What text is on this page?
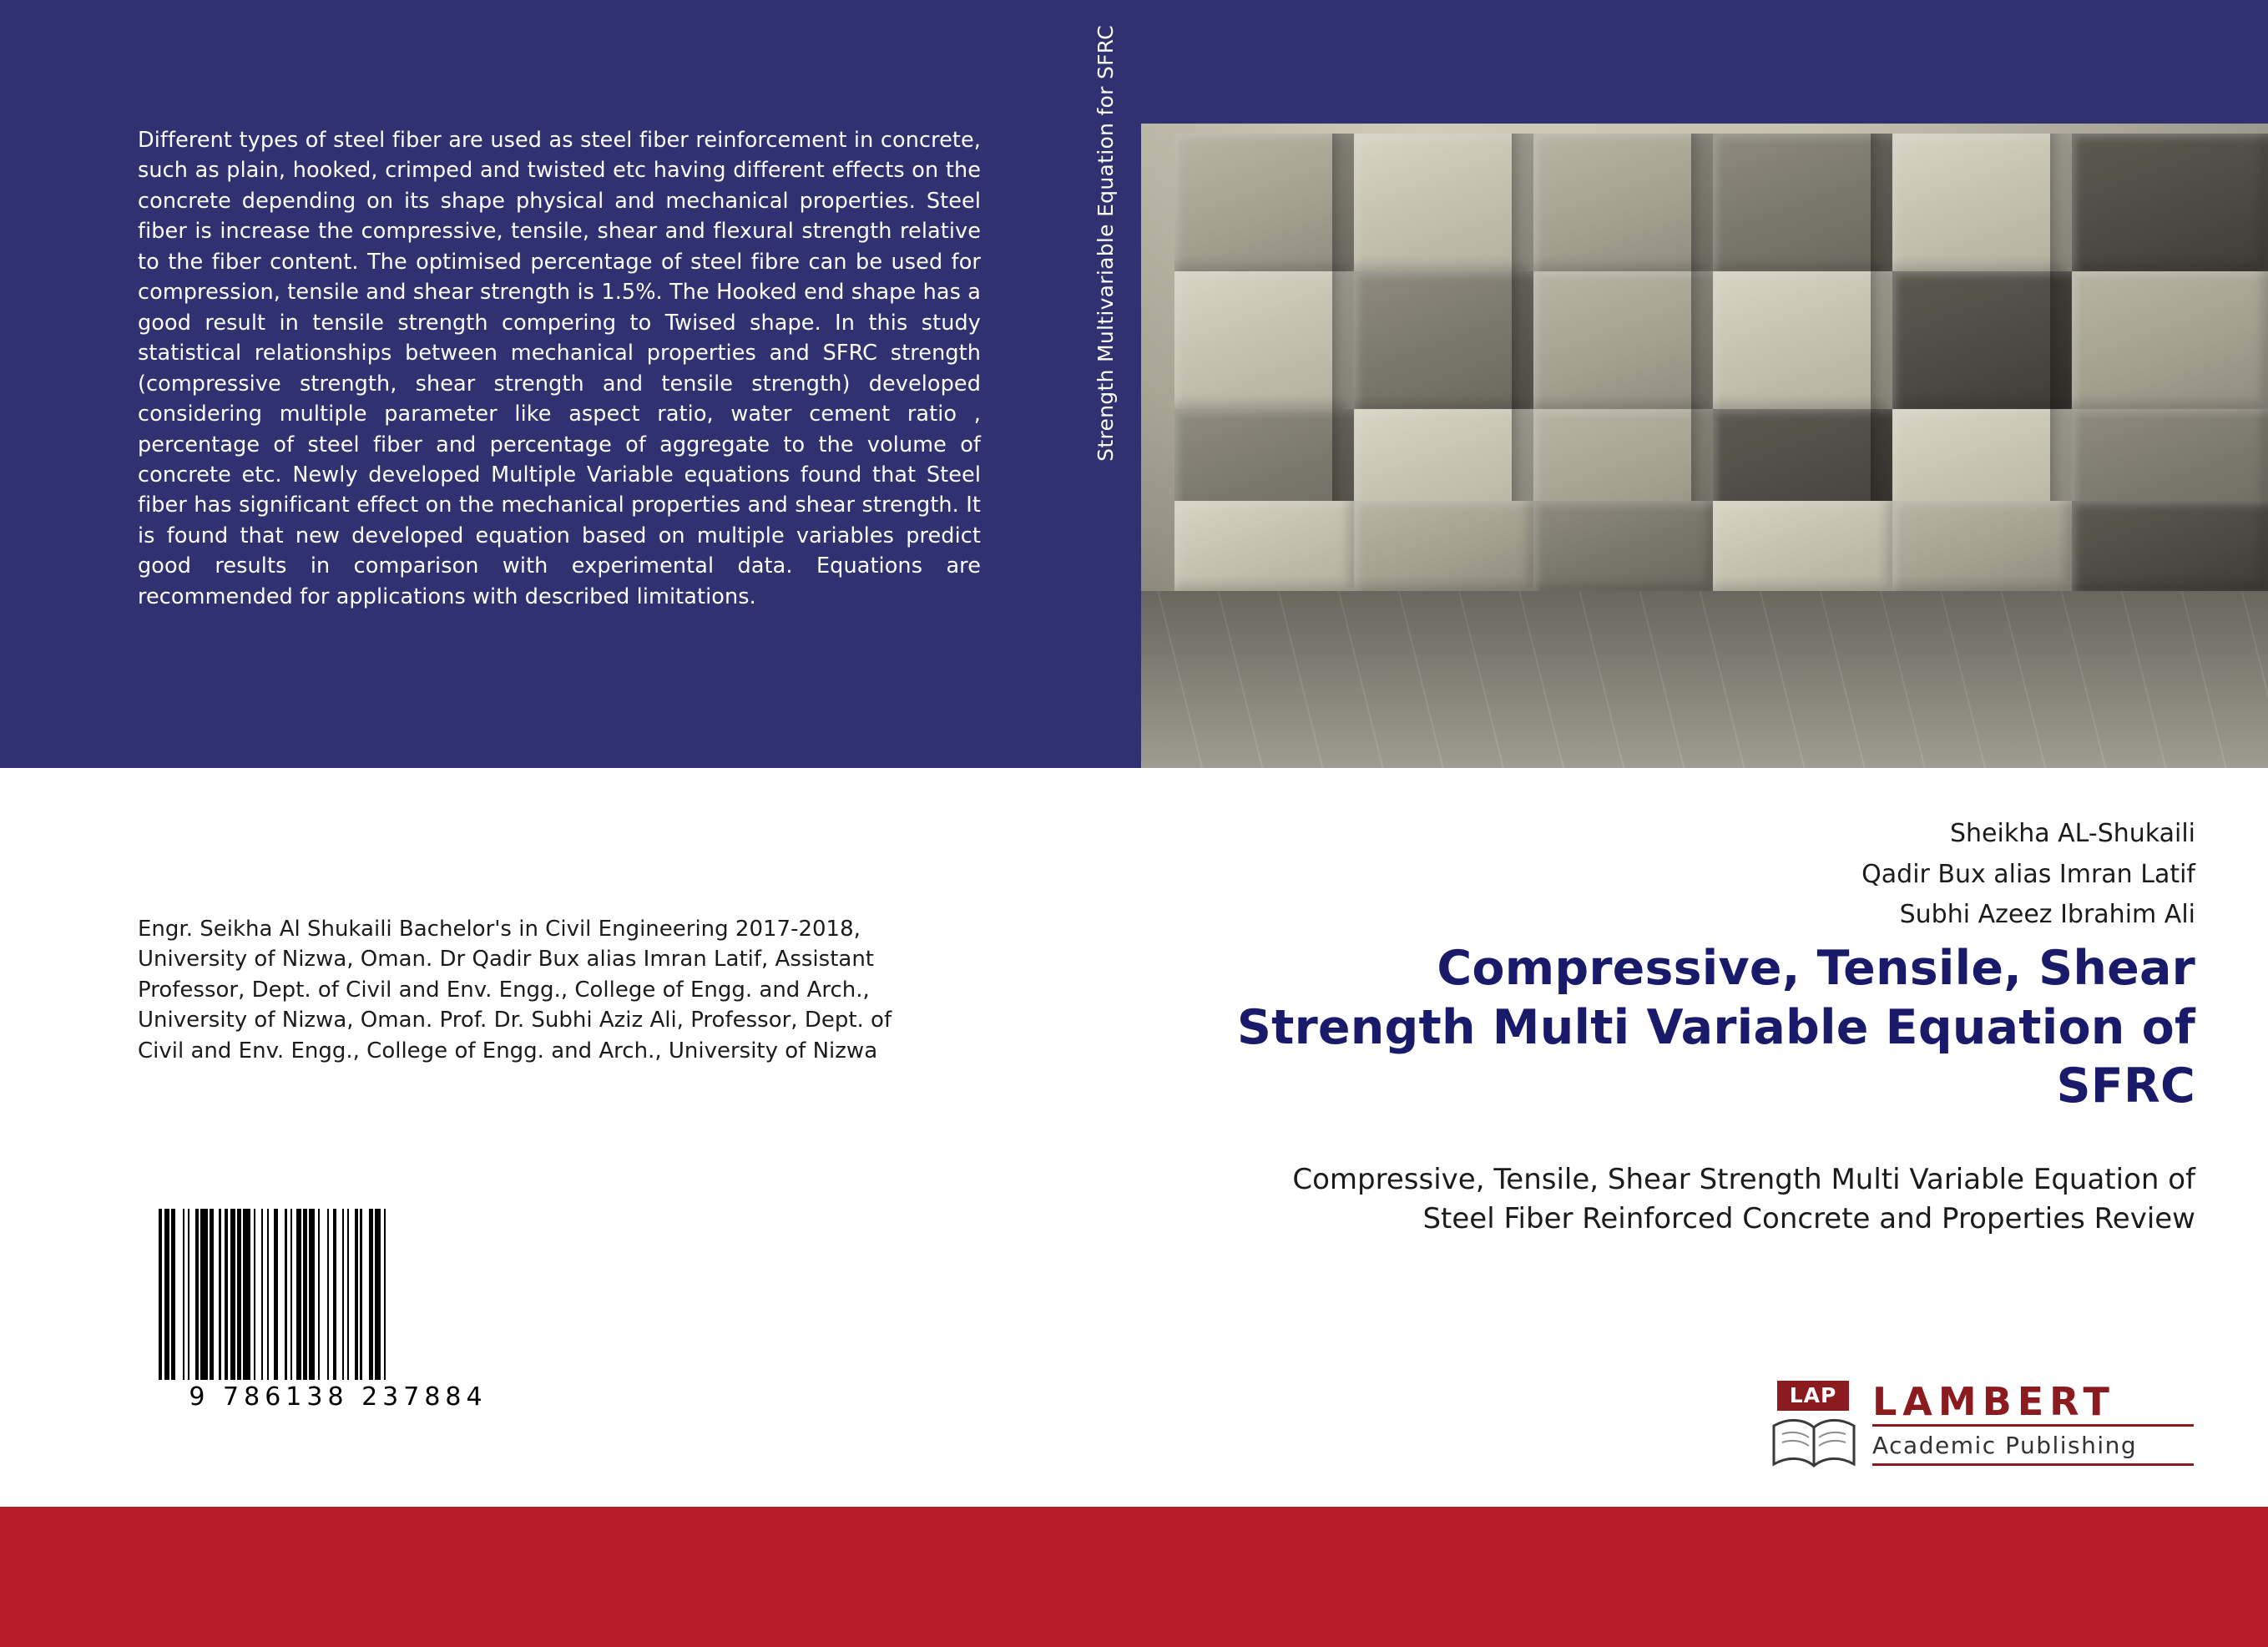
Different types of steel fiber are used as steel fiber reinforcement in concrete, such as plain, hooked, crimped and twisted etc having different effects on the concrete depending on its shape physical and mechanical properties. Steel fiber is increase the compressive, tensile, shear and flexural strength relative to the fiber content. The optimised percentage of steel fibre can be used for compression, tensile and shear strength is 1.5%. The Hooked end shape has a good result in tensile strength compering to Twised shape. In this study statistical relationships between mechanical properties and SFRC strength (compressive strength, shear strength and tensile strength) developed considering multiple parameter like aspect ratio, water cement ratio , percentage of steel fiber and percentage of aggregate to the volume of concrete etc. Newly developed Multiple Variable equations found that Steel fiber has significant effect on the mechanical properties and shear strength. It is found that new developed equation based on multiple variables predict good results in comparison with experimental data. Equations are recommended for applications with described limitations.
Strength Multivariable Equation for SFRC
Sheikha AL-Shukaili
Qadir Bux alias Imran Latif
Subhi Azeez Ibrahim Ali
Compressive, Tensile, Shear Strength Multi Variable Equation of SFRC
Compressive, Tensile, Shear Strength Multi Variable Equation of Steel Fiber Reinforced Concrete and Properties Review
LAP LAMBERT
Academic Publishing
Engr. Seikha Al Shukaili Bachelor's in Civil Engineering 2017-2018, University of Nizwa, Oman. Dr Qadir Bux alias Imran Latif, Assistant Professor, Dept. of Civil and Env. Engg., College of Engg. and Arch., University of Nizwa, Oman. Prof. Dr. Subhi Aziz Ali, Professor, Dept. of Civil and Env. Engg., College of Engg. and Arch., University of Nizwa
9 786138 237884
